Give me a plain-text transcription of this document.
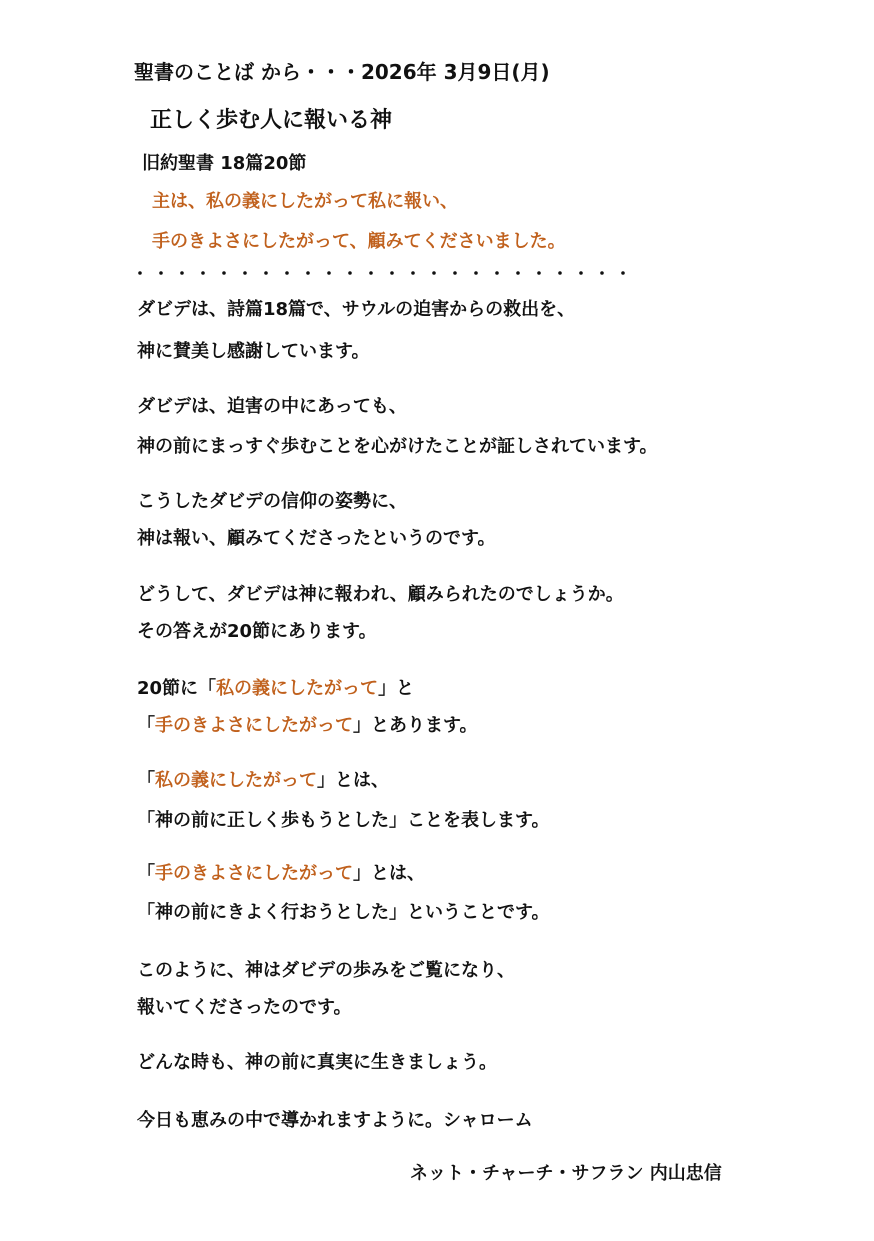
聖書のことば から・・・2026年 3月9日(月)
正しく歩む人に報いる神
旧約聖書 18篇20節
主は、私の義にしたがって私に報い、
手のきよさにしたがって、顧みてくださいました。
・・・・・・・・・・・・・・・・・・・・・・・・
ダビデは、詩篇18篇で、サウルの迫害からの救出を、
神に賛美し感謝しています。
ダビデは、迫害の中にあっても、
神の前にまっすぐ歩むことを心がけたことが証しされています。
こうしたダビデの信仰の姿勢に、
神は報い、顧みてくださったというのです。
どうして、ダビデは神に報われ、顧みられたのでしょうか。
その答えが20節にあります。
20節に「私の義にしたがって」と
「手のきよさにしたがって」とあります。
「私の義にしたがって」とは、
「神の前に正しく歩もうとした」ことを表します。
「手のきよさにしたがって」とは、
「神の前にきよく行おうとした」ということです。
このように、神はダビデの歩みをご覧になり、
報いてくださったのです。
どんな時も、神の前に真実に生きましょう。
今日も恵みの中で導かれますように。シャローム
ネット・チャーチ・サフラン 内山忠信
